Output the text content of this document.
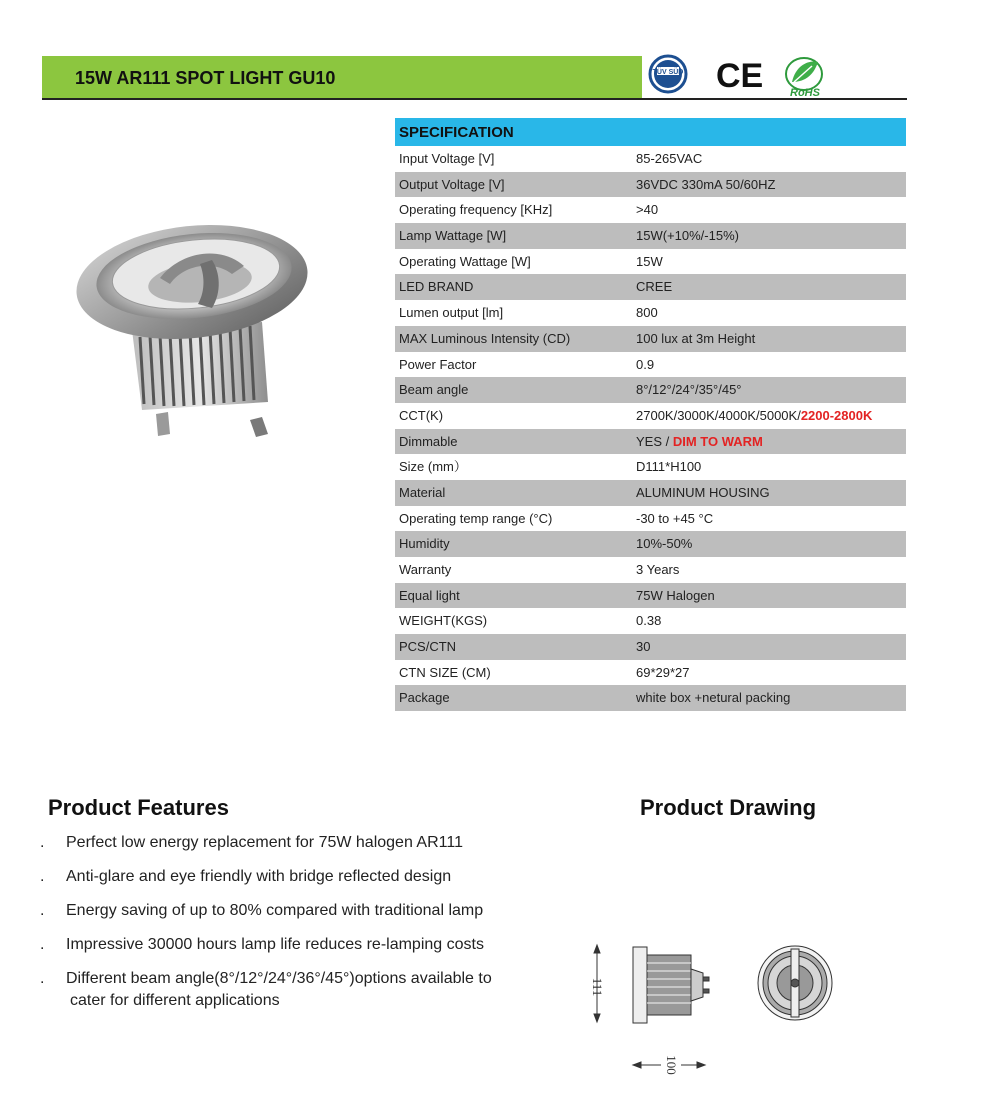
15W AR111 SPOT LIGHT GU10	TÜV SÜD CE RoHS
SPECIFICATION
Input Voltage [V]	85-265VAC
Output Voltage [V]	36VDC 330mA 50/60HZ
Operating frequency [KHz]	>40
Lamp Wattage [W]	15W(+10%/-15%)
Operating Wattage [W]	15W
LED BRAND	CREE
Lumen output [lm]	800
MAX Luminous Intensity (CD)	100 lux at 3m Height
Power Factor	0.9
Beam angle	8°/12°/24°/35°/45°
CCT(K)	2700K/3000K/4000K/5000K/2200-2800K
Dimmable	YES / DIM TO WARM
Size (mm）	D111*H100
Material	ALUMINUM HOUSING
Operating temp range (°C)	-30 to +45 °C
Humidity	10%-50%
Warranty	3 Years
Equal light	75W Halogen
WEIGHT(KGS)	0.38
PCS/CTN	30
CTN SIZE (CM)	69*29*27
Package	white box +netural packing
Product Features
. Perfect low energy replacement for 75W halogen AR111
. Anti-glare and eye friendly with bridge reflected design
. Energy saving of up to 80% compared with traditional lamp
. Impressive 30000 hours lamp life reduces re-lamping costs
. Different beam angle(8°/12°/24°/36°/45°)options available to
cater for different applications
Product Drawing
111
100
